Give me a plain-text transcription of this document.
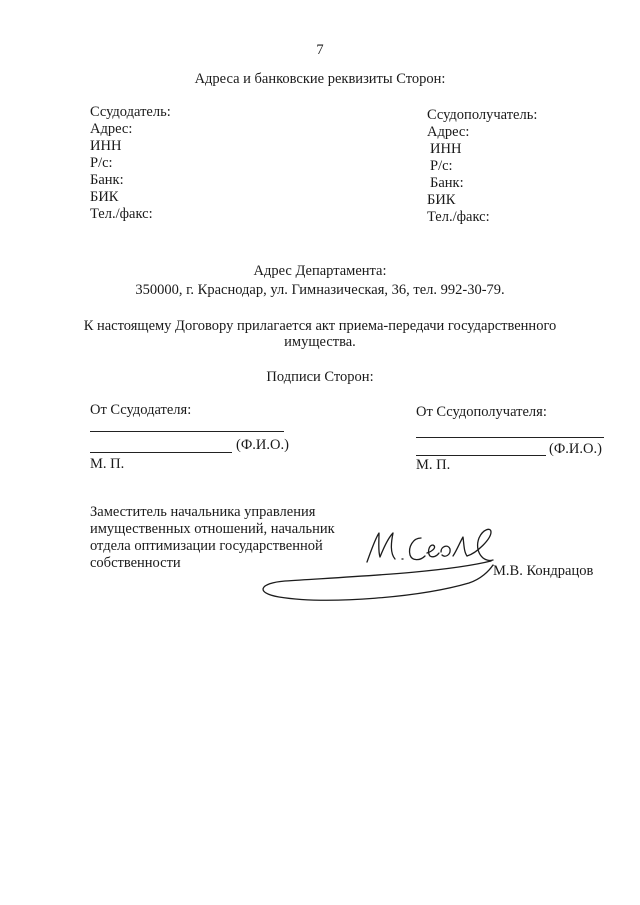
7
Адреса и банковские реквизиты Сторон:

Ссудодатель:

Адрес:

ИНН

Р/с:

Банк:

БИК

Тел./факс:

Ссудополучатель:

Адрес:

ИНН

Р/с:

Банк:

БИК

Тел./факс:

Адрес Департамента:
350000, г. Краснодар, ул. Гимназическая, 36, тел. 992-30-79.
К настоящему Договору прилагается акт приема-передачи государственного
имущества.
Подписи Сторон:
От Ссудодателя:
(Ф.И.О.)
М. П.
От Ссудополучателя:
(Ф.И.О.)
М. П.

Заместитель начальника управления

имущественных отношений, начальник

отдела оптимизации государственной

собственности	М.В. Кондрацов
